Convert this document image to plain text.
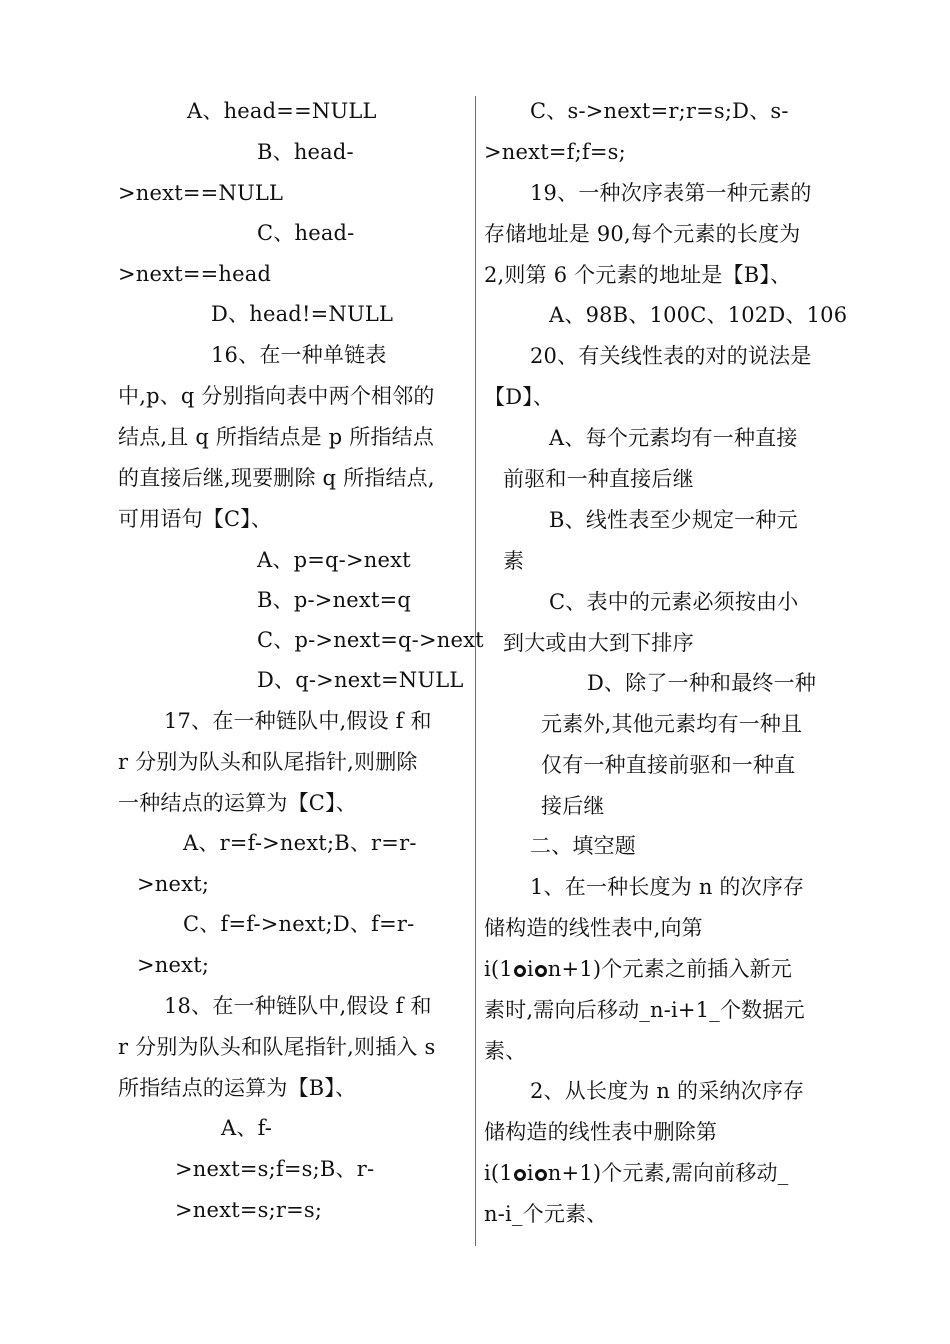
A、head==NULL
B、head-
>next==NULL
C、head-
>next==head
D、head!=NULL
16、在一种单链表
中,p、q 分别指向表中两个相邻的
结点,且 q 所指结点是 p 所指结点
的直接后继,现要删除 q 所指结点,
可用语句【C】、
A、p=q->next
B、p->next=q
C、p->next=q->next
D、q->next=NULL
17、在一种链队中,假设 f 和
r 分别为队头和队尾指针,则删除
一种结点的运算为【C】、
A、r=f->next;B、r=r-
>next;
C、f=f->next;D、f=r-
>next;
18、在一种链队中,假设 f 和
r 分别为队头和队尾指针,则插入 s
所指结点的运算为【B】、
A、f-
>next=s;f=s;B、r-
>next=s;r=s;
C、s->next=r;r=s;D、s-
>next=f;f=s;
19、一种次序表第一种元素的
存储地址是 90,每个元素的长度为
2,则第 6 个元素的地址是【B】、
A、98B、100C、102D、106
20、有关线性表的对的说法是
【D】、
A、每个元素均有一种直接
前驱和一种直接后继
B、线性表至少规定一种元
素
C、表中的元素必须按由小
到大或由大到下排序
D、除了一种和最终一种
元素外,其他元素均有一种且
仅有一种直接前驱和一种直
接后继
二、填空题
1、在一种长度为 n 的次序存
储构造的线性表中,向第
i(1 i n+1)个元素之前插入新元
素时,需向后移动_n-i+1_个数据元
素、
2、从长度为 n 的采纳次序存
储构造的线性表中删除第
i(1 i n+1)个元素,需向前移动_
n-i_个元素、
